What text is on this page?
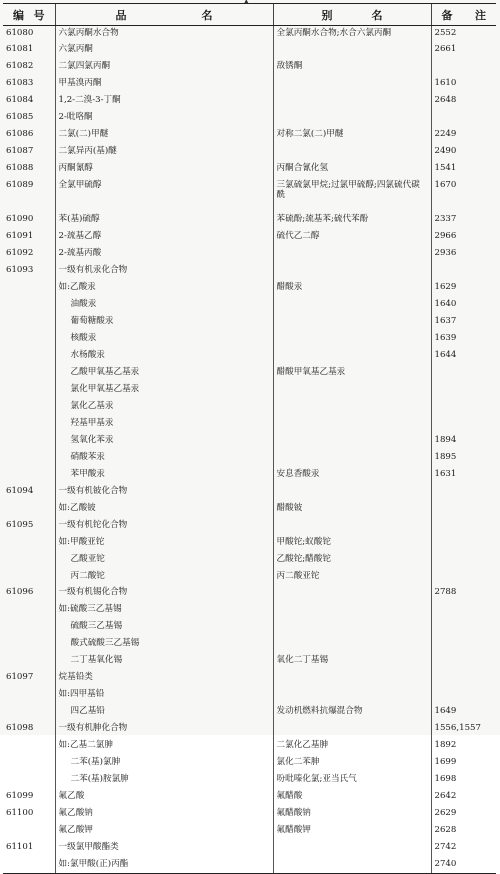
▲
编 号	品 名	别 名	备 注

61080	六氯丙酮水合物	全氯丙酮水合物;水合六氯丙酮	2552
61081	六氯丙酮		2661
61082	二氯四氯丙酮	敌锈酮	
61083	甲基溴丙酮		1610
61084	1,2-二溴-3-丁酮		2648
61085	2-吡咯酮		
61086	二氯(二)甲醚	对称二氯(二)甲醚	2249
61087	二氯异丙(基)醚		2490
61088	丙酮氰醇	丙酮合氰化氢	1541
61089	全氯甲硫醇	三氯硫氯甲烷;过氯甲硫醇;四氯硫代碳酰	1670
61090	苯(基)硫醇	苯硫酚;巯基苯;硫代苯酚	2337
61091	2-巯基乙醇	硫代乙二醇	2966
61092	2-巯基丙酸		2936
61093	一级有机汞化合物		
	如:乙酸汞	醋酸汞	1629
	油酸汞		1640
	葡萄糖酸汞		1637
	核酸汞		1639
	水杨酸汞		1644
	乙酸甲氧基乙基汞	醋酸甲氧基乙基汞	
	氯化甲氧基乙基汞		
	氯化乙基汞		
	羟基甲基汞		
	氢氧化苯汞		1894
	硝酸苯汞		1895
	苯甲酸汞	安息香酸汞	1631
61094	一级有机铍化合物		
	如:乙酸铍	醋酸铍	
61095	一级有机铊化合物		
	如:甲酸亚铊	甲酸铊;蚁酸铊	
	乙酸亚铊	乙酸铊;醋酸铊	
	丙二酸铊	丙二酸亚铊	
61096	一级有机锡化合物		2788
	如:硫酸三乙基锡		
	硫酸三乙基锡		
	酸式硫酸三乙基锡		
	二丁基氧化锡	氧化二丁基锡	
61097	烷基铅类		
	如:四甲基铅		
	四乙基铅	发动机燃料抗爆混合物	1649
61098	一级有机胂化合物		1556,1557
	如:乙基二氯胂	二氯化乙基胂	1892
	二苯(基)氯胂	氯化二苯胂	1699
	二苯(基)胺氯胂	吩吡嗪化氯;亚当氏气	1698
61099	氟乙酸	氟醋酸	2642
61100	氟乙酸钠	氟醋酸钠	2629
	氟乙酸钾	氟醋酸钾	2628
61101	一级氯甲酸酯类		2742
	如:氯甲酸(正)丙酯		2740
